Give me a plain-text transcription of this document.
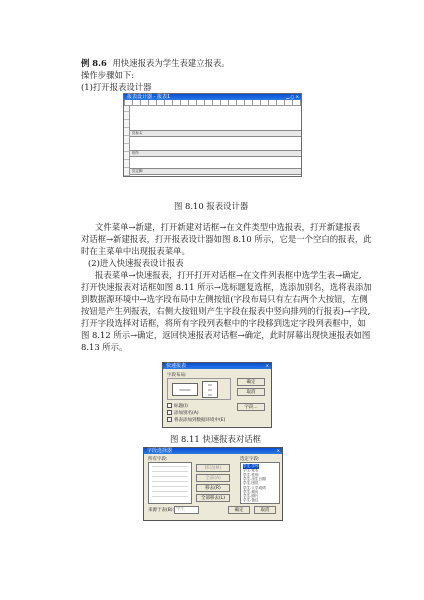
例 8.6 用快速报表为学生表建立报表。
操作步骤如下:
(1)打开报表设计器
报表设计器 - 报表1	▁ ▢ ✕
页标头
细节
页注脚
图 8.10 报表设计器
文件菜单→新建，打开新建对话框→在文件类型中选报表，打开新建报表
对话框→新建报表，打开报表设计器如图 8.10 所示，它是一个空白的报表，此
时在主菜单中出现报表菜单。
(2)进入快速报表设计报表
报表菜单→快速报表，打开打开对话框→在文件列表框中选学生表→确定,
打开快速报表对话框如图 8.11 所示→选标题复选框，选添加别名，选将表添加
到数据源环境中→选字段布局中左侧按钮(字段布局只有左右两个大按钮，左侧
按钮是产生列报表，右侧大按钮则产生字段在报表中竖向排列的行报表)→字段,
打开字段选择对话框，将所有字段列表框中的字段移到选定字段列表框中，如
图 8.12 所示→确定，返回快速报表对话框→确定，此时屏幕出现快速报表如图
8.13 所示。
快速报表	✕
字段布局:
▭▭▭
▭
▭
▭
确定
取消
字段...
标题(I)
添加别名(A)
将表添加到数据环境中(E)
图 8.11 快速报表对话框
字段选择器	✕
所有字段:	选定字段:
移动(M)
全部(A)
移去(R)
全部移去(L)
学生.学号
学生.姓名
学生.性别
学生.出生日期
学生.团员
学生.入学成绩
学生.简历
学生.照片
学生.备注
来源于表(B): 学生	确定	取消
